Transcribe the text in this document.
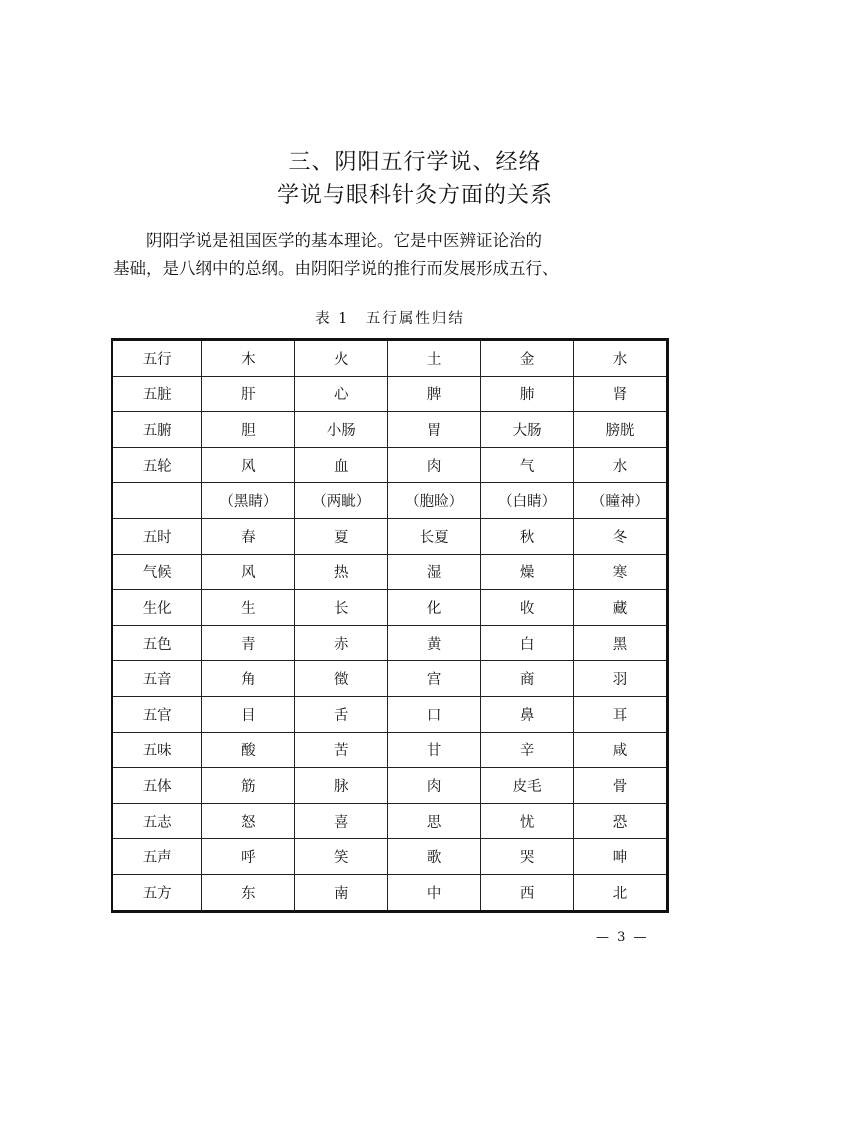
三、阴阳五行学说、经络
学说与眼科针灸方面的关系

阴阳学说是祖国医学的基本理论。它是中医辨证论治的

基础，是八纲中的总纲。由阴阳学说的推行而发展形成五行、

表 1　五行属性归结
五行	木	火	土	金	水
五脏	肝	心	脾	肺	肾
五腑	胆	小肠	胃	大肠	膀胱
五轮	风	血	肉	气	水
	（黑睛）	（两眦）	（胞睑）	（白睛）	（瞳神）
五时	春	夏	长夏	秋	冬
气候	风	热	湿	燥	寒
生化	生	长	化	收	藏
五色	青	赤	黄	白	黑
五音	角	徵	宫	商	羽
五官	目	舌	口	鼻	耳
五味	酸	苦	甘	辛	咸
五体	筋	脉	肉	皮毛	骨
五志	怒	喜	思	忧	恐
五声	呼	笑	歌	哭	呻
五方	东	南	中	西	北
— 3 —
